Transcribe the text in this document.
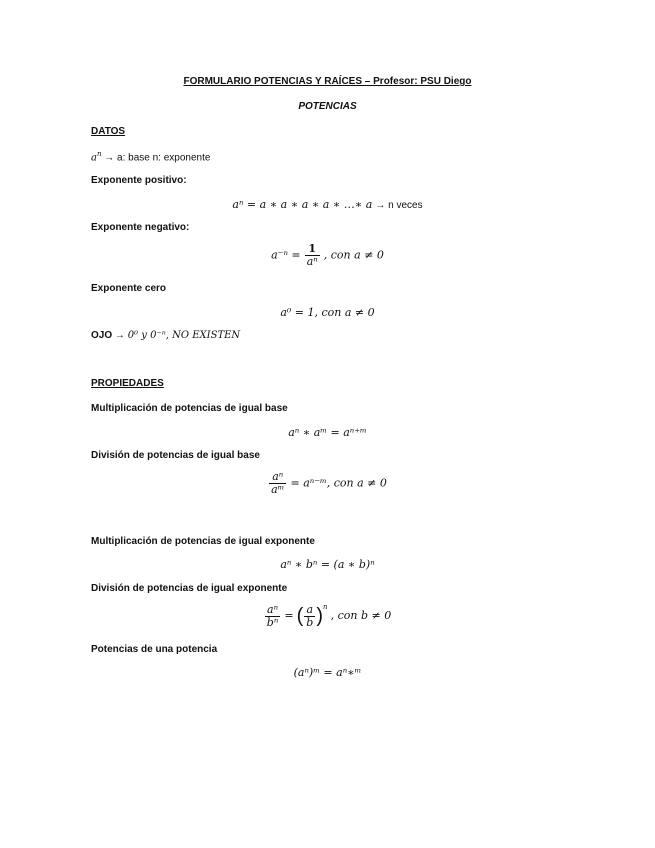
FORMULARIO POTENCIAS Y RAÍCES – Profesor: PSU Diego
POTENCIAS
DATOS
$a^n \to a$: base n: exponente
Exponente positivo:
aⁿ = a ∗ a ∗ a ∗ a ∗ …∗ a → n veces
Exponente negativo:
$a^{-n} = \frac{1}{\text{aⁿ}}$ , con a ≠ 0
Exponente cero
a⁰ = 1, con a ≠ 0
OJO → 0⁰ y 0⁻ⁿ, NO EXISTEN
PROPIEDADES
Multiplicación de potencias de igual base
aⁿ ∗ aᵐ = aⁿ⁺ᵐ
División de potencias de igual base
$\frac{\text{aⁿ}}{\text{aᵐ}}$ = aⁿ⁻ᵐ, con a ≠ 0
Multiplicación de potencias de igual exponente
aⁿ ∗ bⁿ = (a ∗ b)ⁿ
División de potencias de igual exponente
$\frac{\text{aⁿ}}{\text{bⁿ}}$ = ( $\frac{a}{b} )^n$ , con b ≠ 0
Potencias de una potencia
(aⁿ)ᵐ = aⁿ∗ᵐ
